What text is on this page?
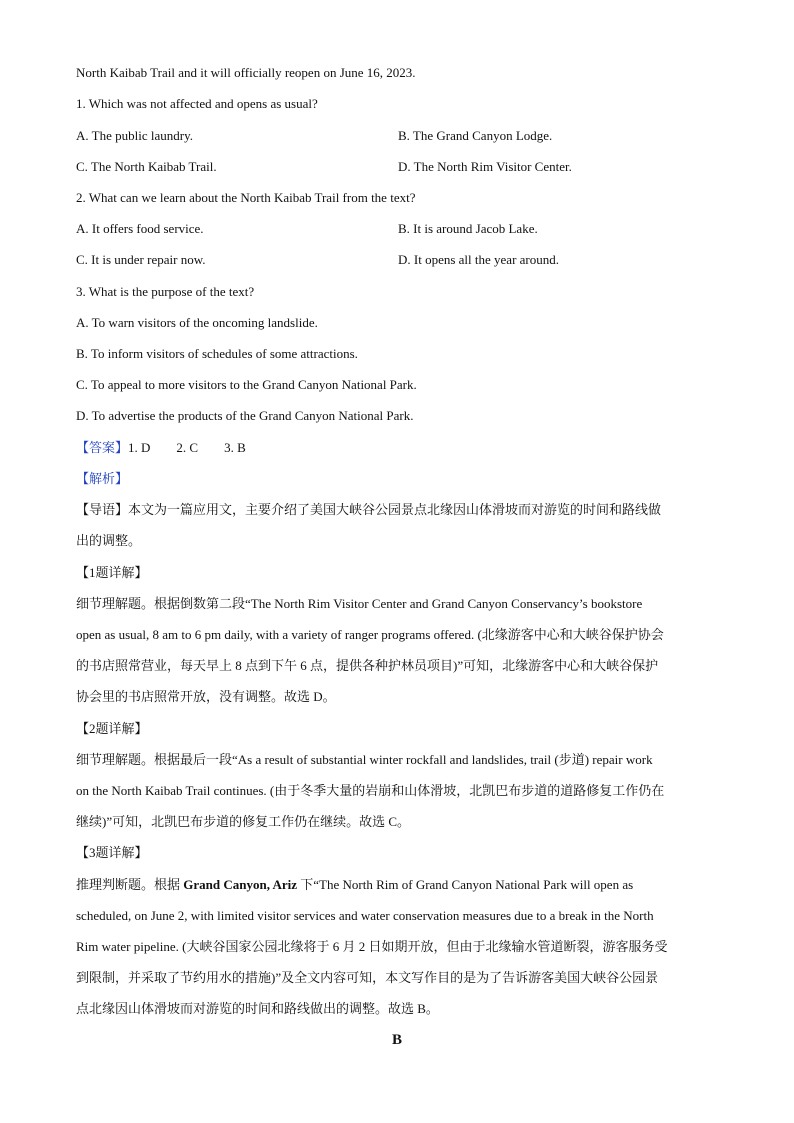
North Kaibab Trail and it will officially reopen on June 16, 2023.
1. Which was not affected and opens as usual?
A. The public laundry.	B. The Grand Canyon Lodge.
C. The North Kaibab Trail.	D. The North Rim Visitor Center.
2. What can we learn about the North Kaibab Trail from the text?
A. It offers food service.	B. It is around Jacob Lake.
C. It is under repair now.	D. It opens all the year around.
3. What is the purpose of the text?
A. To warn visitors of the oncoming landslide.
B. To inform visitors of schedules of some attractions.
C. To appeal to more visitors to the Grand Canyon National Park.
D. To advertise the products of the Grand Canyon National Park.
【答案】1. D 2. C 3. B
【解析】
【导语】本文为一篇应用文，主要介绍了美国大峡谷公园景点北缘因山体滑坡而对游览的时间和路线做
出的调整。
【1题详解】
细节理解题。根据倒数第二段“The North Rim Visitor Center and Grand Canyon Conservancy’s bookstore
open as usual, 8 am to 6 pm daily, with a variety of ranger programs offered. (北缘游客中心和大峡谷保护协会
的书店照常营业，每天早上 8 点到下午 6 点，提供各种护林员项目)”可知，北缘游客中心和大峡谷保护
协会里的书店照常开放，没有调整。故选 D。
【2题详解】
细节理解题。根据最后一段“As a result of substantial winter rockfall and landslides, trail (步道) repair work
on the North Kaibab Trail continues. (由于冬季大量的岩崩和山体滑坡，北凯巴布步道的道路修复工作仍在
继续)”可知，北凯巴布步道的修复工作仍在继续。故选 C。
【3题详解】
推理判断题。根据 Grand Canyon, Ariz 下“The North Rim of Grand Canyon National Park will open as
scheduled, on June 2, with limited visitor services and water conservation measures due to a break in the North
Rim water pipeline. (大峡谷国家公园北缘将于 6 月 2 日如期开放，但由于北缘输水管道断裂，游客服务受
到限制，并采取了节约用水的措施)”及全文内容可知，本文写作目的是为了告诉游客美国大峡谷公园景
点北缘因山体滑坡而对游览的时间和路线做出的调整。故选 B。
B
